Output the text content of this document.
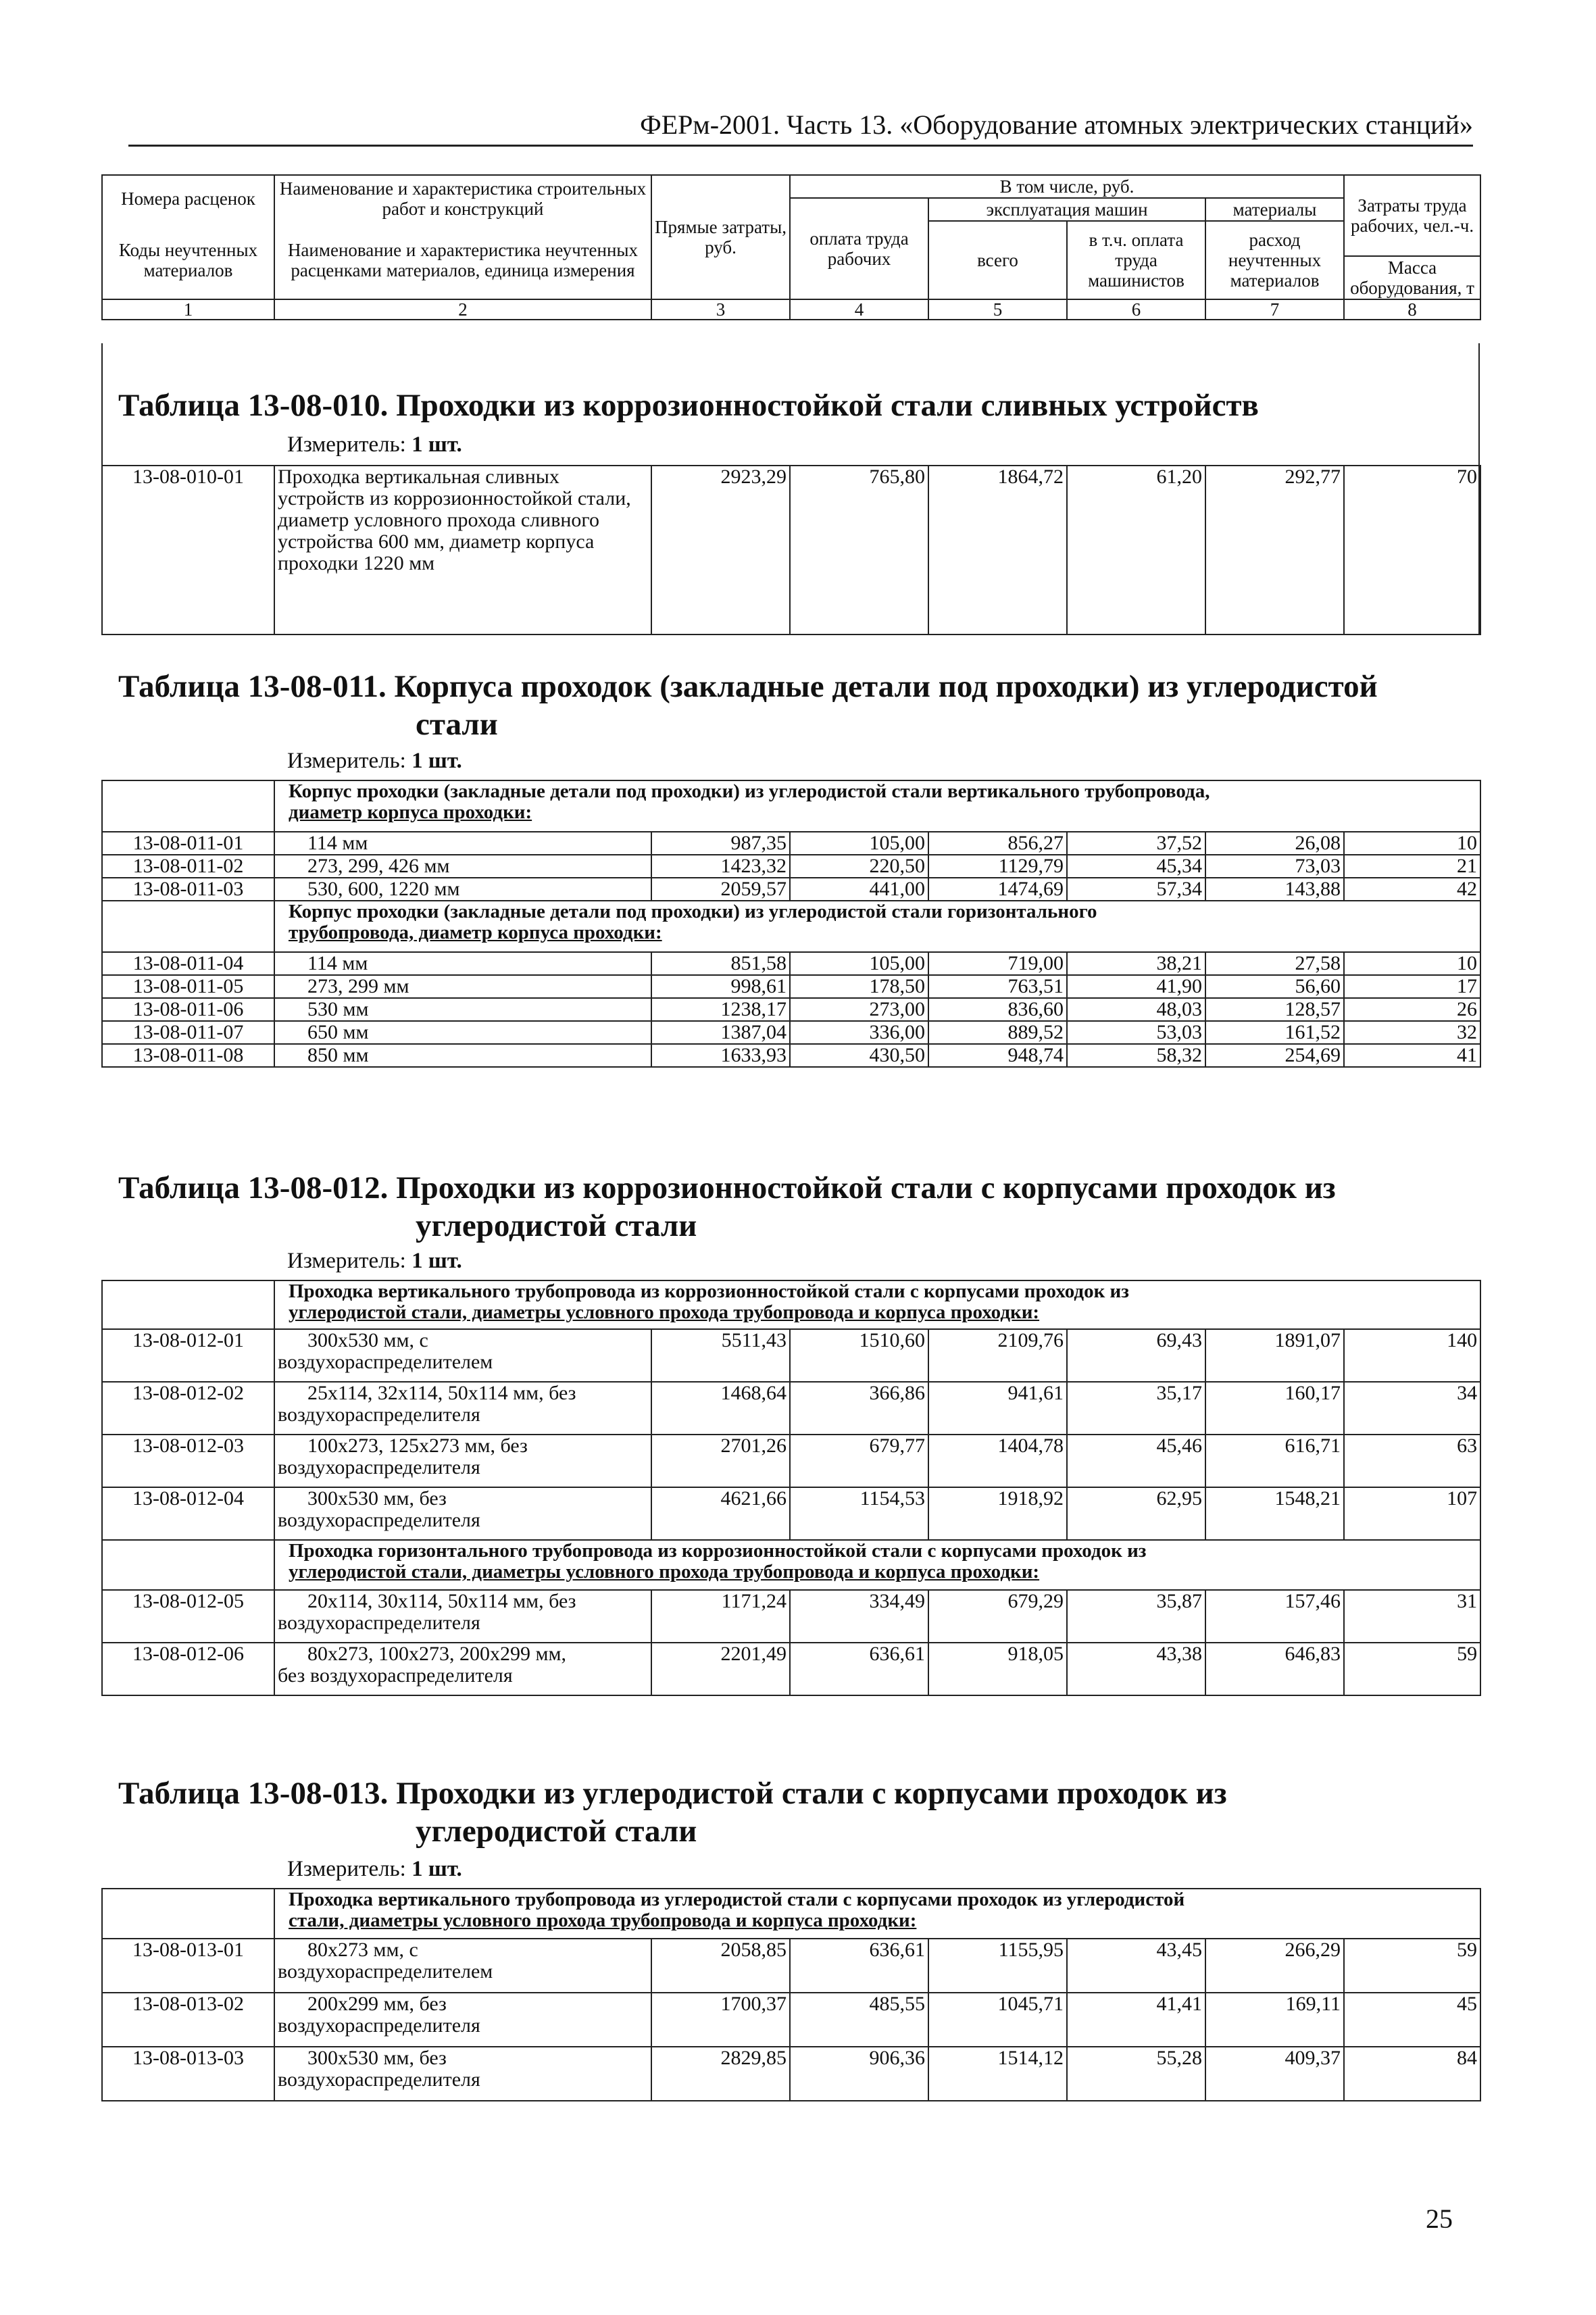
ФЕРм-2001. Часть 13. «Оборудование атомных электрических станций»
Номера расценок	Наименование и характеристика строительных работ и конструкций	Прямые затраты, руб.	В том числе, руб.				Затраты труда рабочих, чел.-ч.
			оплата труда рабочих	эксплуатация машин		материалы	
Коды неучтенных материалов	Наименование и характеристика неучтенных расценками материалов, единица измерения			всего	в т.ч. оплата труда машинистов	расход неучтенных материалов	
							Масса оборудования, т
1	2	3	4	5	6	7	8
Таблица 13-08-010. Проходки из коррозионностойкой стали сливных устройств
Измеритель: 1 шт.
13-08-010-01	Проходка вертикальная сливных устройств из коррозионностойкой стали, диаметр условного прохода сливного устройства 600 мм, диаметр корпуса проходки 1220 мм	2923,29	765,80	1864,72	61,20	292,77	70
Таблица 13-08-011. Корпуса проходок (закладные детали под проходки) из углеродистой
стали
Измеритель: 1 шт.
	Корпус проходки (закладные детали под проходки) из углеродистой стали вертикального трубопровода,
диаметр корпуса проходки:						
13-08-011-01	114 мм	987,35	105,00	856,27	37,52	26,08	10
13-08-011-02	273, 299, 426 мм	1423,32	220,50	1129,79	45,34	73,03	21
13-08-011-03	530, 600, 1220 мм	2059,57	441,00	1474,69	57,34	143,88	42
	Корпус проходки (закладные детали под проходки) из углеродистой стали горизонтального
трубопровода, диаметр корпуса проходки:						
13-08-011-04	114 мм	851,58	105,00	719,00	38,21	27,58	10
13-08-011-05	273, 299 мм	998,61	178,50	763,51	41,90	56,60	17
13-08-011-06	530 мм	1238,17	273,00	836,60	48,03	128,57	26
13-08-011-07	650 мм	1387,04	336,00	889,52	53,03	161,52	32
13-08-011-08	850 мм	1633,93	430,50	948,74	58,32	254,69	41
Таблица 13-08-012. Проходки из коррозионностойкой стали с корпусами проходок из
углеродистой стали
Измеритель: 1 шт.
	Проходка вертикального трубопровода из коррозионностойкой стали с корпусами проходок из
углеродистой стали, диаметры условного прохода трубопровода и корпуса проходки:						
13-08-012-01	300x530 мм, с
воздухораспределителем	5511,43	1510,60	2109,76	69,43	1891,07	140
13-08-012-02	25x114, 32x114, 50x114 мм, без
воздухораспределителя	1468,64	366,86	941,61	35,17	160,17	34
13-08-012-03	100x273, 125x273 мм, без
воздухораспределителя	2701,26	679,77	1404,78	45,46	616,71	63
13-08-012-04	300x530 мм, без
воздухораспределителя	4621,66	1154,53	1918,92	62,95	1548,21	107
	Проходка горизонтального трубопровода из коррозионностойкой стали с корпусами проходок из
углеродистой стали, диаметры условного прохода трубопровода и корпуса проходки:						
13-08-012-05	20x114, 30x114, 50x114 мм, без
воздухораспределителя	1171,24	334,49	679,29	35,87	157,46	31
13-08-012-06	80x273, 100x273, 200x299 мм,
без воздухораспределителя	2201,49	636,61	918,05	43,38	646,83	59
Таблица 13-08-013. Проходки из углеродистой стали с корпусами проходок из
углеродистой стали
Измеритель: 1 шт.
	Проходка вертикального трубопровода из углеродистой стали с корпусами проходок из углеродистой
стали, диаметры условного прохода трубопровода и корпуса проходки:						
13-08-013-01	80x273 мм, с
воздухораспределителем	2058,85	636,61	1155,95	43,45	266,29	59
13-08-013-02	200x299 мм, без
воздухораспределителя	1700,37	485,55	1045,71	41,41	169,11	45
13-08-013-03	300x530 мм, без
воздухораспределителя	2829,85	906,36	1514,12	55,28	409,37	84
25
